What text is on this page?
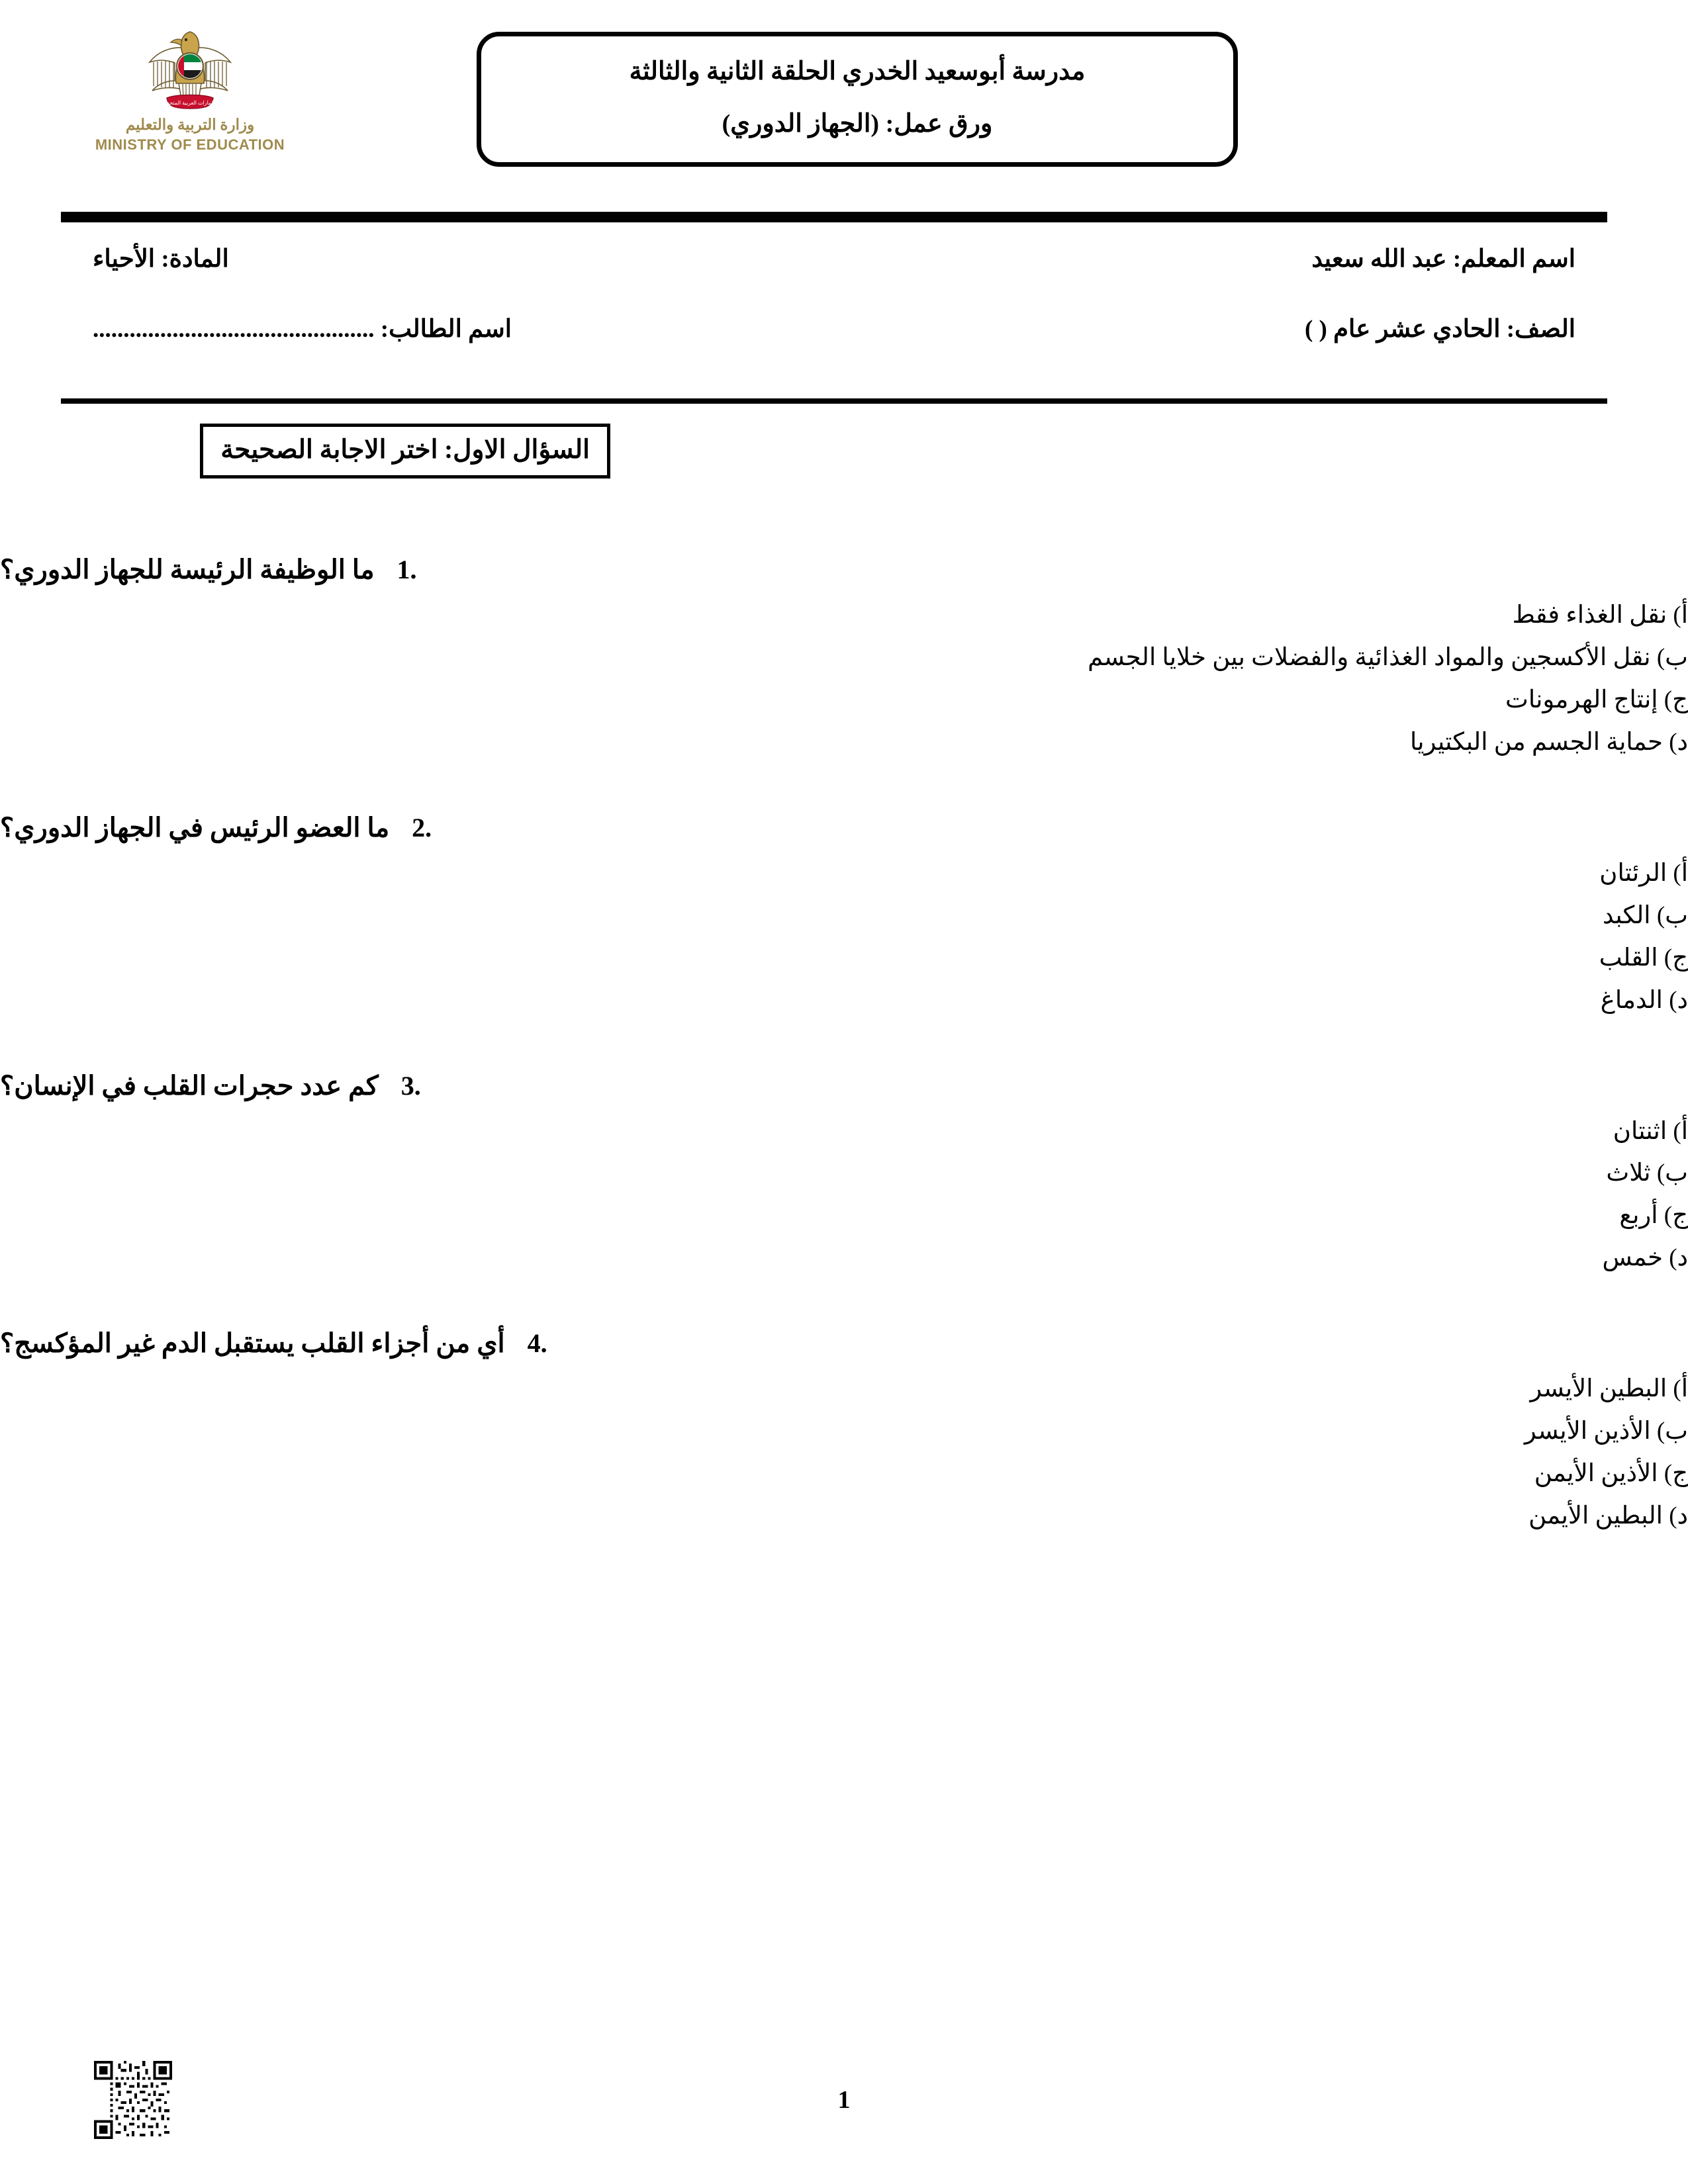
مدرسة أبوسعيد الخدري الحلقة الثانية والثالثة
ورق عمل: (الجهاز الدوري)
الإمارات العربية المتحدة
وزارة التربية والتعليم
MINISTRY OF EDUCATION
المادة: الأحياء	اسم المعلم: عبد الله سعيد
اسم الطالب: ..............................................	الصف: الحادي عشر عام ( )
السؤال الاول: اختر الاجابة الصحيحة
1.
ما الوظيفة الرئيسة للجهاز الدوري؟
أ) نقل الغذاء فقط
ب) نقل الأكسجين والمواد الغذائية والفضلات بين خلايا الجسم
ج) إنتاج الهرمونات
د) حماية الجسم من البكتيريا
2.
ما العضو الرئيس في الجهاز الدوري؟
أ) الرئتان
ب) الكبد
ج) القلب
د) الدماغ
3.
كم عدد حجرات القلب في الإنسان؟
أ) اثنتان
ب) ثلاث
ج) أربع
د) خمس
4.
أي من أجزاء القلب يستقبل الدم غير المؤكسج؟
أ) البطين الأيسر
ب) الأذين الأيسر
ج) الأذين الأيمن
د) البطين الأيمن
1
